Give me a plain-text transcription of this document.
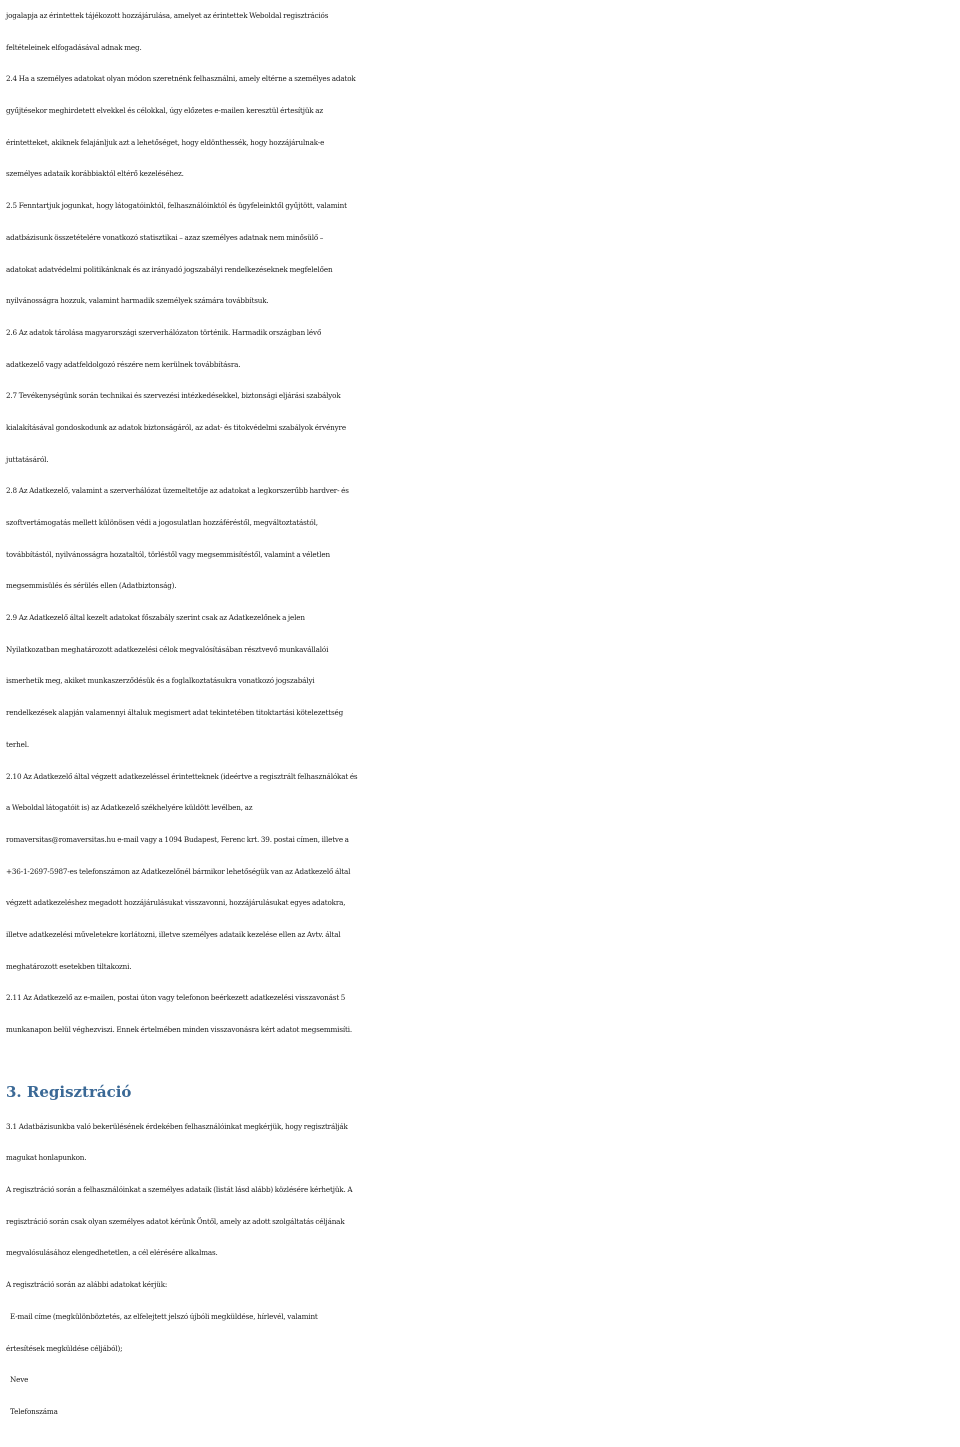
jogalapja az érintettek tájékozott hozzájárulása, amelyet az érintettek Weboldal regisztrációs
feltételeinek elfogadásával adnak meg.
2.4 Ha a személyes adatokat olyan módon szeretnénk felhasználni, amely eltérne a személyes adatok
gyűjtésekor meghirdetett elvekkel és célokkal, úgy előzetes e-mailen keresztül értesítjük az
érintetteket, akiknek felajánljuk azt a lehetőséget, hogy eldönthessék, hogy hozzájárulnak-e
személyes adataik korábbiaktól eltérő kezeléséhez.
2.5 Fenntartjuk jogunkat, hogy látogatóinktól, felhasználóinktól és ügyfeleinktől gyűjtött, valamint
adatbázisunk összetételére vonatkozó statisztikai – azaz személyes adatnak nem minősülő –
adatokat adatvédelmi politikánknak és az irányadó jogszabályi rendelkezéseknek megfelelően
nyilvánosságra hozzuk, valamint harmadik személyek számára továbbítsuk.
2.6 Az adatok tárolása magyarországi szerverhálózaton történik. Harmadik országban lévő
adatkezelő vagy adatfeldolgozó részére nem kerülnek továbbításra.
2.7 Tevékenységünk során technikai és szervezési intézkedésekkel, biztonsági eljárási szabályok
kialakításával gondoskodunk az adatok biztonságáról, az adat- és titokvédelmi szabályok érvényre
juttatásáról.
2.8 Az Adatkezelő, valamint a szerverhálózat üzemeltetője az adatokat a legkorszerűbb hardver- és
szoftvertámogatás mellett különösen védi a jogosulatlan hozzáféréstől, megváltoztatástól,
továbbítástól, nyilvánosságra hozataltól, törléstől vagy megsemmisítéstől, valamint a véletlen
megsemmisülés és sérülés ellen (Adatbiztonság).
2.9 Az Adatkezelő által kezelt adatokat főszabály szerint csak az Adatkezelőnek a jelen
Nyilatkozatban meghatározott adatkezelési célok megvalósításában résztvevő munkavállalói
ismerhetik meg, akiket munkaszerződésük és a foglalkoztatásukra vonatkozó jogszabályi
rendelkezések alapján valamennyi általuk megismert adat tekintetében titoktartási kötelezettség
terhel.
2.10 Az Adatkezelő által végzett adatkezeléssel érintetteknek (ideértve a regisztrált felhasználókat és
a Weboldal látogatóit is) az Adatkezelő székhelyére küldött levélben, az
romaversitas@romaversitas.hu e-mail vagy a 1094 Budapest, Ferenc krt. 39. postai címen, illetve a
+36-1-2697-5987-es telefonszámon az Adatkezelőnél bármikor lehetőségük van az Adatkezelő által
végzett adatkezeléshez megadott hozzájárulásukat visszavonni, hozzájárulásukat egyes adatokra,
illetve adatkezelési műveletekre korlátozni, illetve személyes adataik kezelése ellen az Avtv. által
meghatározott esetekben tiltakozni.
2.11 Az Adatkezelő az e-mailen, postai úton vagy telefonon beérkezett adatkezelési visszavonást 5
munkanapon belül véghezviszi. Ennek értelmében minden visszavonásra kért adatot megsemmisíti.
3. Regisztráció
3.1 Adatbázisunkba való bekerülésének érdekében felhasználóinkat megkérjük, hogy regisztrálják
magukat honlapunkon.
A regisztráció során a felhasználóinkat a személyes adataik (listát lásd alább) közlésére kérhetjük. A
regisztráció során csak olyan személyes adatot kérünk Öntől, amely az adott szolgáltatás céljának
megvalósulásához elengedhetetlen, a cél elérésére alkalmas.
A regisztráció során az alábbi adatokat kérjük:
E-mail címe (megkülönböztetés, az elfelejtett jelszó újbóli megküldése, hírlevél, valamint
értesítések megküldése céljából);
Neve
Telefonszáma
